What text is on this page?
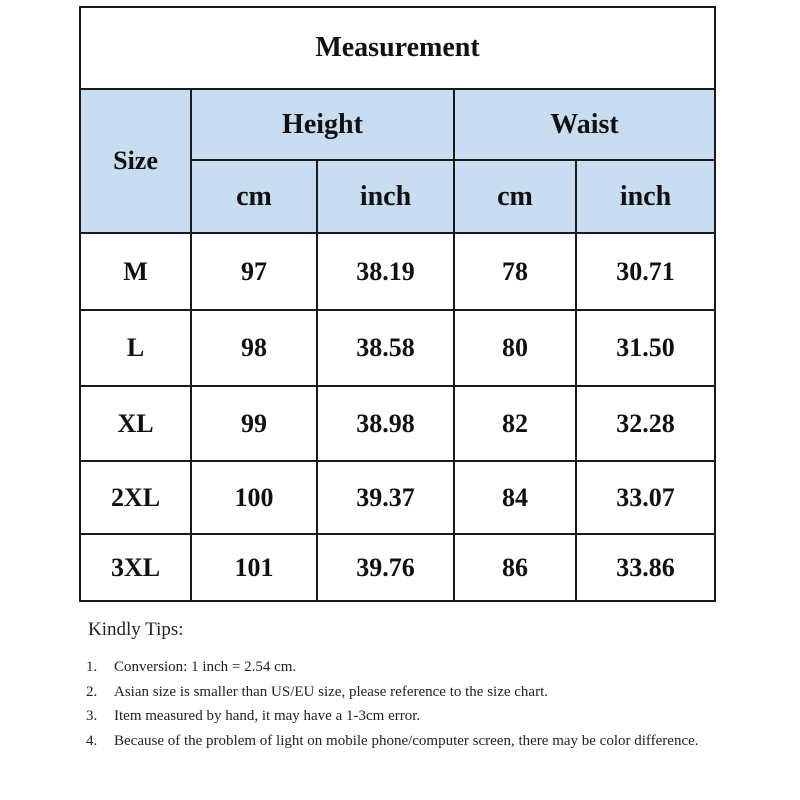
Measurement				
Size	Height		Waist	
	cm	inch	cm	inch
M	97	38.19	78	30.71
L	98	38.58	80	31.50
XL	99	38.98	82	32.28
2XL	100	39.37	84	33.07
3XL	101	39.76	86	33.86
Kindly Tips:
1.	Conversion: 1 inch = 2.54 cm.
2.	Asian size is smaller than US/EU size, please reference to the size chart.
3.	Item measured by hand, it may have a 1-3cm error.
4.	Because of the problem of light on mobile phone/computer screen, there may be color difference.
